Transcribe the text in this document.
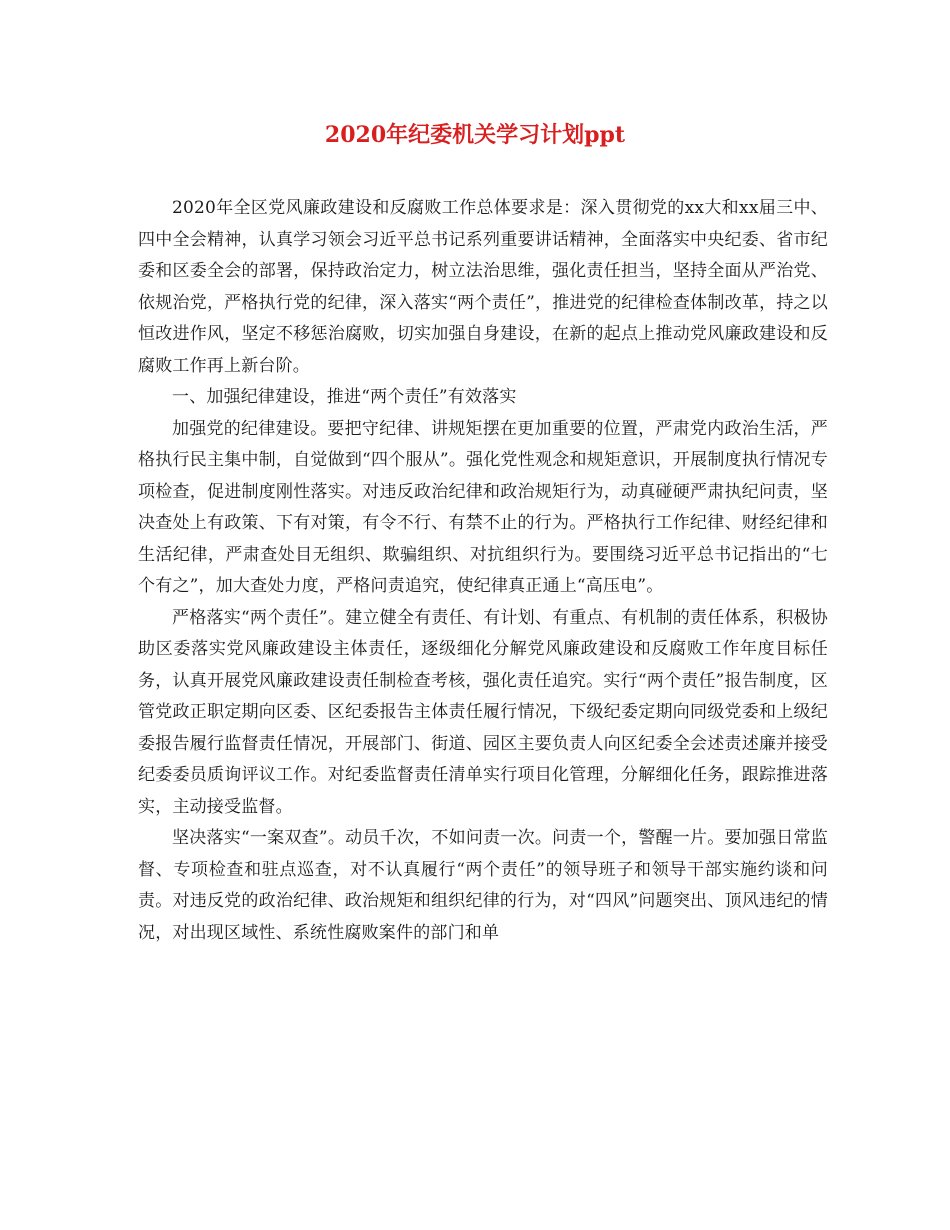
2020年纪委机关学习计划ppt

2020年全区党风廉政建设和反腐败工作总体要求是：深入贯彻党的xx大和xx届三中、四中全会精神，认真学习领会习近平总书记系列重要讲话精神，全面落实中央纪委、省市纪委和区委全会的部署，保持政治定力，树立法治思维，强化责任担当，坚持全面从严治党、依规治党，严格执行党的纪律，深入落实“两个责任”，推进党的纪律检查体制改革，持之以恒改进作风，坚定不移惩治腐败，切实加强自身建设，在新的起点上推动党风廉政建设和反腐败工作再上新台阶。

一、加强纪律建设，推进“两个责任”有效落实

加强党的纪律建设。要把守纪律、讲规矩摆在更加重要的位置，严肃党内政治生活，严格执行民主集中制，自觉做到“四个服从”。强化党性观念和规矩意识，开展制度执行情况专项检查，促进制度刚性落实。对违反政治纪律和政治规矩行为，动真碰硬严肃执纪问责，坚决查处上有政策、下有对策，有令不行、有禁不止的行为。严格执行工作纪律、财经纪律和生活纪律，严肃查处目无组织、欺骗组织、对抗组织行为。要围绕习近平总书记指出的“七个有之”，加大查处力度，严格问责追究，使纪律真正通上“高压电”。

严格落实“两个责任”。建立健全有责任、有计划、有重点、有机制的责任体系，积极协助区委落实党风廉政建设主体责任，逐级细化分解党风廉政建设和反腐败工作年度目标任务，认真开展党风廉政建设责任制检查考核，强化责任追究。实行“两个责任”报告制度，区管党政正职定期向区委、区纪委报告主体责任履行情况，下级纪委定期向同级党委和上级纪委报告履行监督责任情况，开展部门、街道、园区主要负责人向区纪委全会述责述廉并接受纪委委员质询评议工作。对纪委监督责任清单实行项目化管理，分解细化任务，跟踪推进落实，主动接受监督。

坚决落实“一案双查”。动员千次，不如问责一次。问责一个，警醒一片。要加强日常监督、专项检查和驻点巡查，对不认真履行“两个责任”的领导班子和领导干部实施约谈和问责。对违反党的政治纪律、政治规矩和组织纪律的行为，对“四风”问题突出、顶风违纪的情况，对出现区域性、系统性腐败案件的部门和单
